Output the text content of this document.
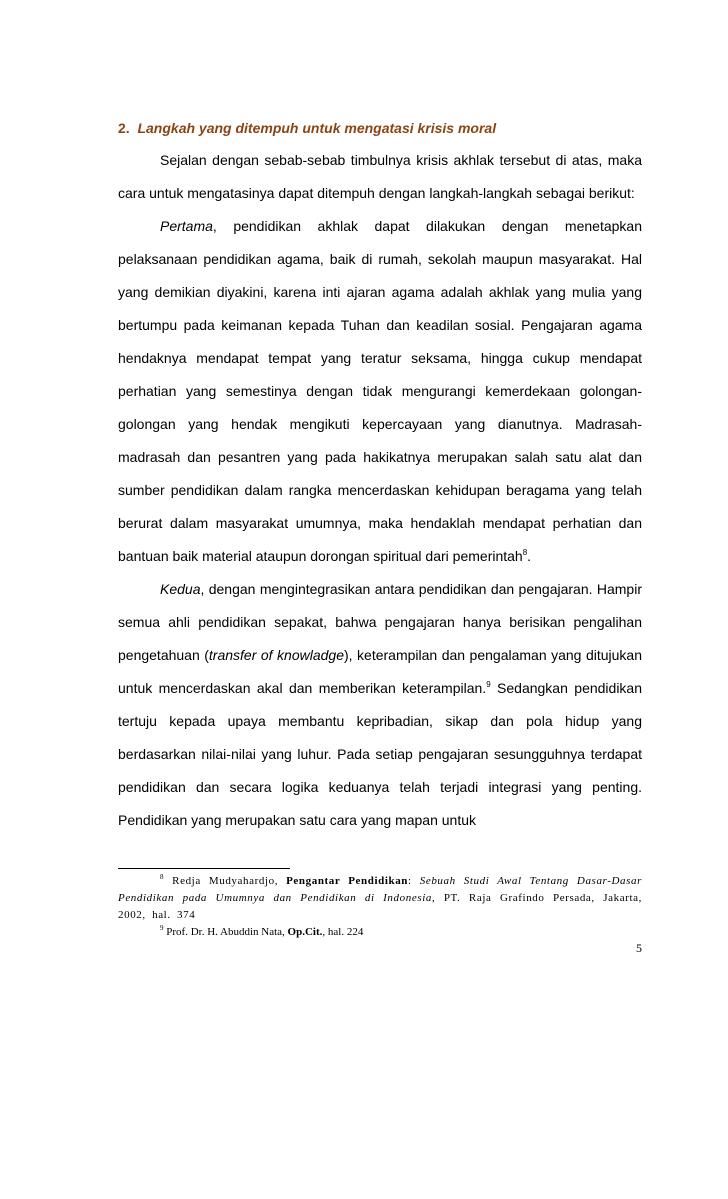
2. Langkah yang ditempuh untuk mengatasi krisis moral

Sejalan dengan sebab-sebab timbulnya krisis akhlak tersebut di atas, maka cara untuk mengatasinya dapat ditempuh dengan langkah-langkah sebagai berikut:

Pertama, pendidikan akhlak dapat dilakukan dengan menetapkan pelaksanaan pendidikan agama, baik di rumah, sekolah maupun masyarakat. Hal yang demikian diyakini, karena inti ajaran agama adalah akhlak yang mulia yang bertumpu pada keimanan kepada Tuhan dan keadilan sosial. Pengajaran agama hendaknya mendapat tempat yang teratur seksama, hingga cukup mendapat perhatian yang semestinya dengan tidak mengurangi kemerdekaan golongan-golongan yang hendak mengikuti kepercayaan yang dianutnya. Madrasah-madrasah dan pesantren yang pada hakikatnya merupakan salah satu alat dan sumber pendidikan dalam rangka mencerdaskan kehidupan beragama yang telah berurat dalam masyarakat umumnya, maka hendaklah mendapat perhatian dan bantuan baik material ataupun dorongan spiritual dari pemerintah$^8$.

Kedua, dengan mengintegrasikan antara pendidikan dan pengajaran. Hampir semua ahli pendidikan sepakat, bahwa pengajaran hanya berisikan pengalihan pengetahuan (transfer of knowladge), keterampilan dan pengalaman yang ditujukan untuk mencerdaskan akal dan memberikan keterampilan.$^9$ Sedangkan pendidikan tertuju kepada upaya membantu kepribadian, sikap dan pola hidup yang berdasarkan nilai-nilai yang luhur. Pada setiap pengajaran sesungguhnya terdapat pendidikan dan secara logika keduanya telah terjadi integrasi yang penting. Pendidikan yang merupakan satu cara yang mapan untuk

$^8$ Redja Mudyahardjo, Pengantar Pendidikan: Sebuah Studi Awal Tentang Dasar-Dasar Pendidikan pada Umumnya dan Pendidikan di Indonesia, PT. Raja Grafindo Persada, Jakarta, 2002, hal. 374

$^9$ Prof. Dr. H. Abuddin Nata, Op.Cit., hal. 224

5
